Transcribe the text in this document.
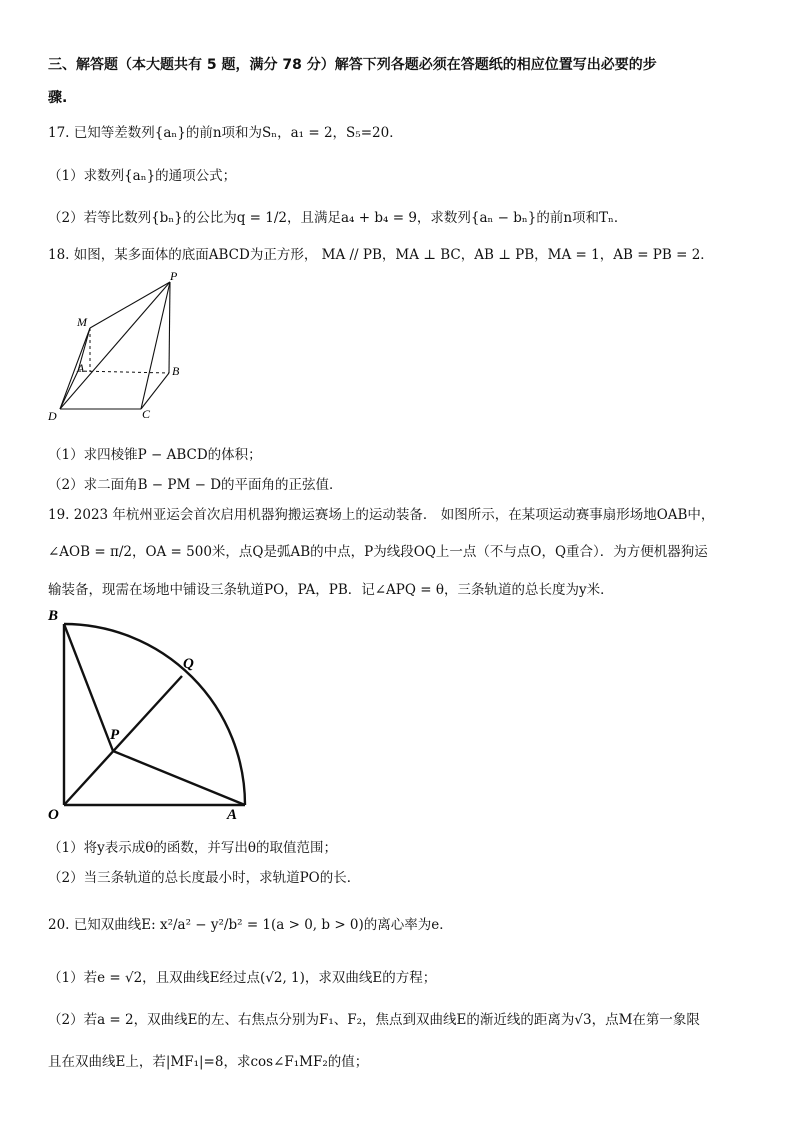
三、解答题（本大题共有 5 题，满分 78 分）解答下列各题必须在答题纸的相应位置写出必要的步
骤.
17. 已知等差数列{aₙ}的前n项和为Sₙ，a₁ = 2，S₅=20．
（1）求数列{aₙ}的通项公式；
（2）若等比数列{bₙ}的公比为q = 1/2，且满足a₄ + b₄ = 9，求数列{aₙ − bₙ}的前n项和Tₙ．
18. 如图，某多面体的底面ABCD为正方形， MA // PB，MA ⊥ BC，AB ⊥ PB，MA = 1，AB = PB = 2．
P
M
A	B
D	C
（1）求四棱锥P − ABCD的体积；
（2）求二面角B − PM − D的平面角的正弦值．
19. 2023 年杭州亚运会首次启用机器狗搬运赛场上的运动装备． 如图所示，在某项运动赛事扇形场地OAB中，
∠AOB = π/2，OA = 500米，点Q是弧AB的中点，P为线段OQ上一点（不与点O，Q重合）．为方便机器狗运
输装备，现需在场地中铺设三条轨道PO，PA，PB．记∠APQ = θ，三条轨道的总长度为y米．
B
Q
P
O	A
（1）将y表示成θ的函数，并写出θ的取值范围；
（2）当三条轨道的总长度最小时，求轨道PO的长．
20. 已知双曲线E: x²/a² − y²/b² = 1(a > 0, b > 0)的离心率为e．
（1）若e = √2，且双曲线E经过点(√2, 1)，求双曲线E的方程；
（2）若a = 2，双曲线E的左、右焦点分别为F₁、F₂，焦点到双曲线E的渐近线的距离为√3，点M在第一象限
且在双曲线E上，若|MF₁|=8，求cos∠F₁MF₂的值；
